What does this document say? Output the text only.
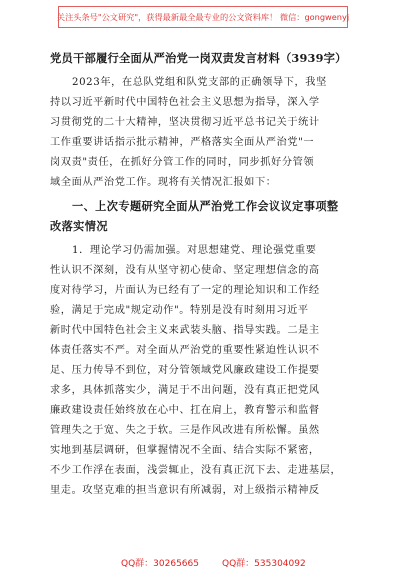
关注头条号"公文研究"，获得最新最全最专业的公文资料库！ 微信：gongwenyj
党员干部履行全面从严治党一岗双责发言材料（3939字）
2023年，在总队党组和队党支部的正确领导下，我坚
持以习近平新时代中国特色社会主义思想为指导，深入学
习贯彻党的二十大精神，坚决贯彻习近平总书记关于统计
工作重要讲话指示批示精神，严格落实全面从严治党"一
岗双责"责任，在抓好分管工作的同时，同步抓好分管领
域全面从严治党工作。现将有关情况汇报如下：
一、上次专题研究全面从严治党工作会议议定事项整
改落实情况
1．理论学习仍需加强。对思想建党、理论强党重要
性认识不深刻，没有从坚守初心使命、坚定理想信念的高
度对待学习，片面认为已经有了一定的理论知识和工作经
验，满足于完成"规定动作"。特别是没有时刻用习近平
新时代中国特色社会主义来武装头脑、指导实践。二是主
体责任落实不严。对全面从严治党的重要性紧迫性认识不
足、压力传导不到位，对分管领域党风廉政建设工作提要
求多，具体抓落实少，满足于不出问题，没有真正把党风
廉政建设责任始终放在心中、扛在肩上，教育警示和监督
管理失之于宽、失之于软。三是作风改进有所松懈。虽然
实地到基层调研，但掌握情况不全面、结合实际不紧密，
不少工作浮在表面，浅尝辄止，没有真正沉下去、走进基层，
里走。攻坚克难的担当意识有所减弱，对上级指示精神反
QQ群：30265665	QQ群：535304092
